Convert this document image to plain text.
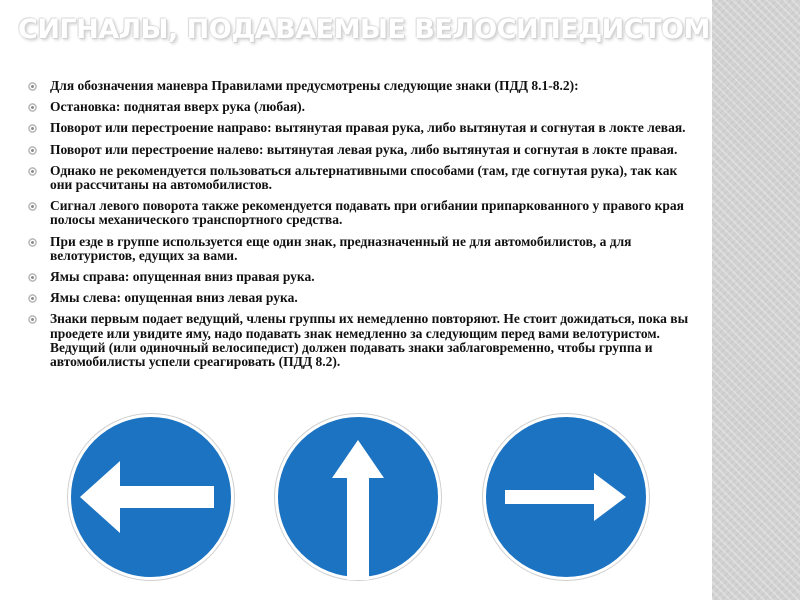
СИГНАЛЫ, ПОДАВАЕМЫЕ ВЕЛОСИПЕДИСТОМ
Для обозначения маневра Правилами предусмотрены следующие знаки (ПДД 8.1-8.2):
Остановка: поднятая вверх рука (любая).
Поворот или перестроение направо: вытянутая правая рука, либо вытянутая и согнутая в локте левая.
Поворот или перестроение налево: вытянутая левая рука, либо вытянутая и согнутая в локте правая.
Однако не рекомендуется пользоваться альтернативными способами (там, где согнутая рука), так как они рассчитаны на автомобилистов.
Сигнал левого поворота также рекомендуется подавать при огибании припаркованного у правого края полосы механического транспортного средства.
При езде в группе используется еще один знак, предназначенный не для автомобилистов, а для велотуристов, едущих за вами.
Ямы справа: опущенная вниз правая рука.
Ямы слева: опущенная вниз левая рука.
Знаки первым подает ведущий, члены группы их немедленно повторяют. Не стоит дожидаться, пока вы проедете или увидите яму, надо подавать знак немедленно за следующим перед вами велотуристом. Ведущий (или одиночный велосипедист) должен подавать знаки заблаговременно, чтобы группа и автомобилисты успели среагировать (ПДД 8.2).
